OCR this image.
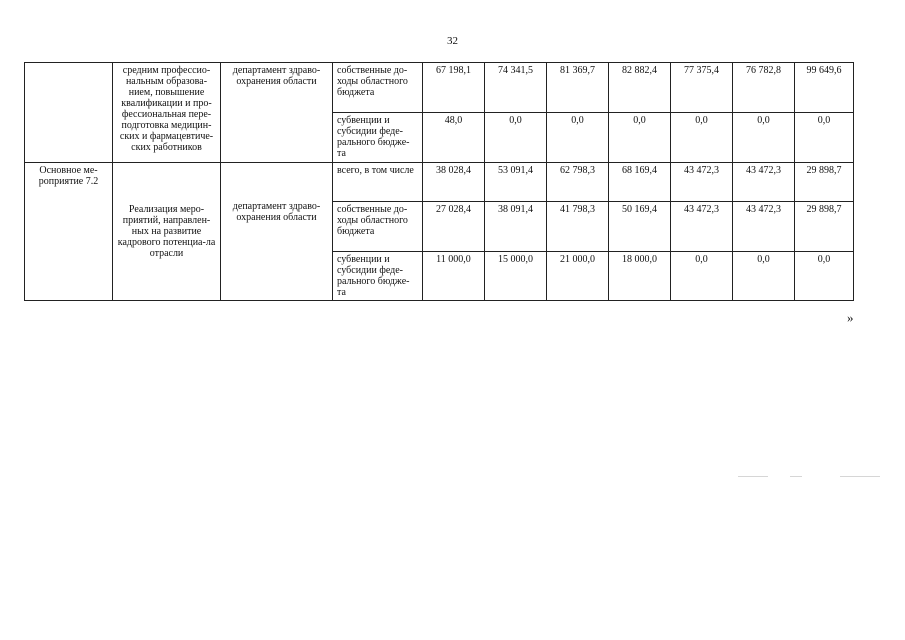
32
	средним профессио-нальным образова-нием, повышение квалификации и про-фессиональная пере-подготовка медицин-ских и фармацевтиче-ских работников	департамент здраво-охранения области	собственные до-ходы областного бюджета	67 198,1	74 341,5	81 369,7	82 882,4	77 375,4	76 782,8	99 649,6
			субвенции и субсидии феде-рального бюдже-та	48,0	0,0	0,0	0,0	0,0	0,0	0,0
Основное ме-роприятие 7.2	Реализация меро-приятий, направлен-ных на развитие кадрового потенциа-ла отрасли	департамент здраво-охранения области	всего, в том числе	38 028,4	53 091,4	62 798,3	68 169,4	43 472,3	43 472,3	29 898,7
			собственные до-ходы областного бюджета	27 028,4	38 091,4	41 798,3	50 169,4	43 472,3	43 472,3	29 898,7
			субвенции и субсидии феде-рального бюдже-та	11 000,0	15 000,0	21 000,0	18 000,0	0,0	0,0	0,0
»
